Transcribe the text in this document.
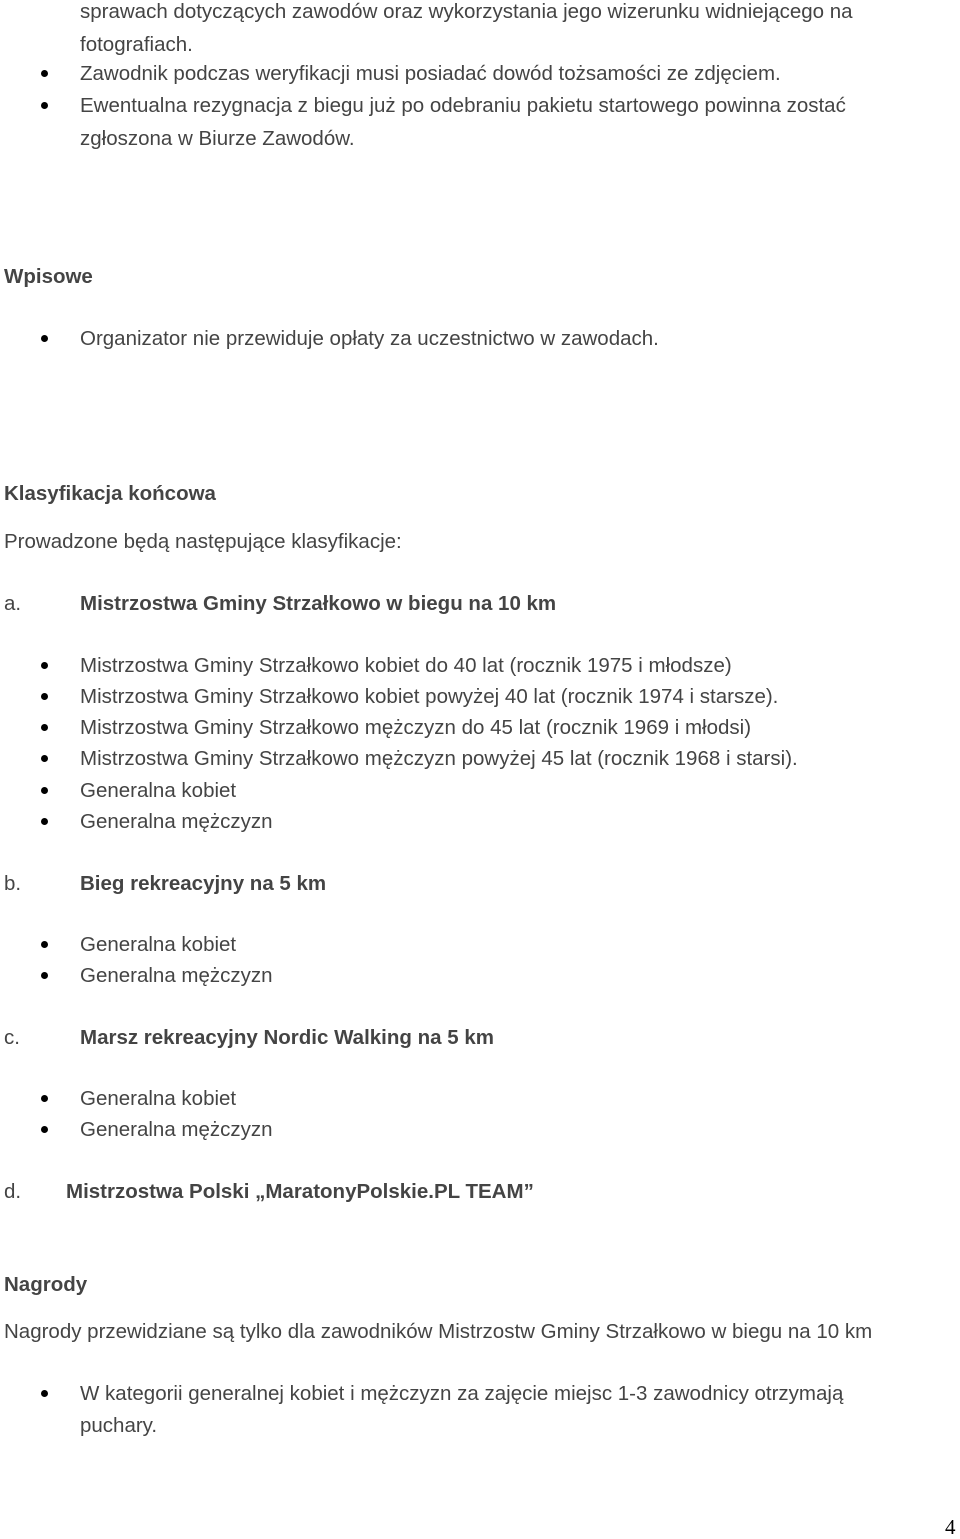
sprawach dotyczących zawodów oraz wykorzystania jego wizerunku widniejącego na
fotografiach.
Zawodnik podczas weryfikacji musi posiadać dowód tożsamości ze zdjęciem.
Ewentualna rezygnacja z biegu już po odebraniu pakietu startowego powinna zostać
zgłoszona w Biurze Zawodów.
Wpisowe
Organizator nie przewiduje opłaty za uczestnictwo w zawodach.
Klasyfikacja końcowa
Prowadzone będą następujące klasyfikacje:
a.	Mistrzostwa Gminy Strzałkowo w biegu na 10 km
Mistrzostwa Gminy Strzałkowo kobiet do 40 lat (rocznik 1975 i młodsze)
Mistrzostwa Gminy Strzałkowo kobiet powyżej 40 lat (rocznik 1974 i starsze).
Mistrzostwa Gminy Strzałkowo mężczyzn do 45 lat (rocznik 1969 i młodsi)
Mistrzostwa Gminy Strzałkowo mężczyzn powyżej 45 lat (rocznik 1968 i starsi).
Generalna kobiet
Generalna mężczyzn
b.	Bieg rekreacyjny na 5 km
Generalna kobiet
Generalna mężczyzn
c.	Marsz rekreacyjny Nordic Walking na 5 km
Generalna kobiet
Generalna mężczyzn
d. Mistrzostwa Polski „MaratonyPolskie.PL TEAM”
Nagrody
Nagrody przewidziane są tylko dla zawodników Mistrzostw Gminy Strzałkowo w biegu na 10 km
W kategorii generalnej kobiet i mężczyzn za zajęcie miejsc 1-3 zawodnicy otrzymają
puchary.
4
